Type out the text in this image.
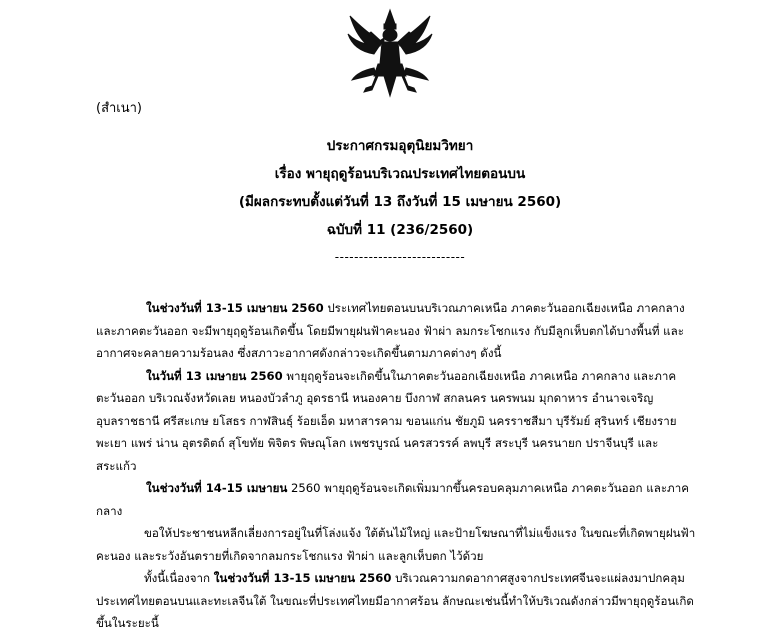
(สำเนา)
ประกาศกรมอุตุนิยมวิทยา
เรื่อง พายุฤดูร้อนบริเวณประเทศไทยตอนบน
(มีผลกระทบตั้งแต่วันที่ 13 ถึงวันที่ 15 เมษายน 2560)
ฉบับที่ 11 (236/2560)
---------------------------

ในช่วงวันที่ 13-15 เมษายน 2560 ประเทศไทยตอนบนบริเวณภาคเหนือ ภาคตะวันออกเฉียงเหนือ ภาคกลาง และภาคตะวันออก จะมีพายุฤดูร้อนเกิดขึ้น โดยมีพายุฝนฟ้าคะนอง ฟ้าผ่า ลมกระโชกแรง กับมีลูกเห็บตกได้บางพื้นที่ และอากาศจะคลายความร้อนลง ซึ่งสภาวะอากาศดังกล่าวจะเกิดขึ้นตามภาคต่างๆ ดังนี้

ในวันที่ 13 เมษายน 2560 พายุฤดูร้อนจะเกิดขึ้นในภาคตะวันออกเฉียงเหนือ ภาคเหนือ ภาคกลาง และภาคตะวันออก บริเวณจังหวัดเลย หนองบัวลำภู อุดรธานี หนองคาย บึงกาฬ สกลนคร นครพนม มุกดาหาร อำนาจเจริญ อุบลราชธานี ศรีสะเกษ ยโสธร กาฬสินธุ์ ร้อยเอ็ด มหาสารคาม ขอนแก่น ชัยภูมิ นครราชสีมา บุรีรัมย์ สุรินทร์ เชียงราย พะเยา แพร่ น่าน อุตรดิตถ์ สุโขทัย พิจิตร พิษณุโลก เพชรบูรณ์ นครสวรรค์ ลพบุรี สระบุรี นครนายก ปราจีนบุรี และสระแก้ว

ในช่วงวันที่ 14-15 เมษายน 2560 พายุฤดูร้อนจะเกิดเพิ่มมากขึ้นครอบคลุมภาคเหนือ ภาคตะวันออก และภาคกลาง

ขอให้ประชาชนหลีกเลี่ยงการอยู่ในที่โล่งแจ้ง ใต้ต้นไม้ใหญ่ และป้ายโฆษณาที่ไม่แข็งแรง ในขณะที่เกิดพายุฝนฟ้าคะนอง และระวังอันตรายที่เกิดจากลมกระโชกแรง ฟ้าผ่า และลูกเห็บตก ไว้ด้วย

ทั้งนี้เนื่องจาก ในช่วงวันที่ 13-15 เมษายน 2560 บริเวณความกดอากาศสูงจากประเทศจีนจะแผ่ลงมาปกคลุมประเทศไทยตอนบนและทะเลจีนใต้ ในขณะที่ประเทศไทยมีอากาศร้อน ลักษณะเช่นนี้ทำให้บริเวณดังกล่าวมีพายุฤดูร้อนเกิดขึ้นในระยะนี้
